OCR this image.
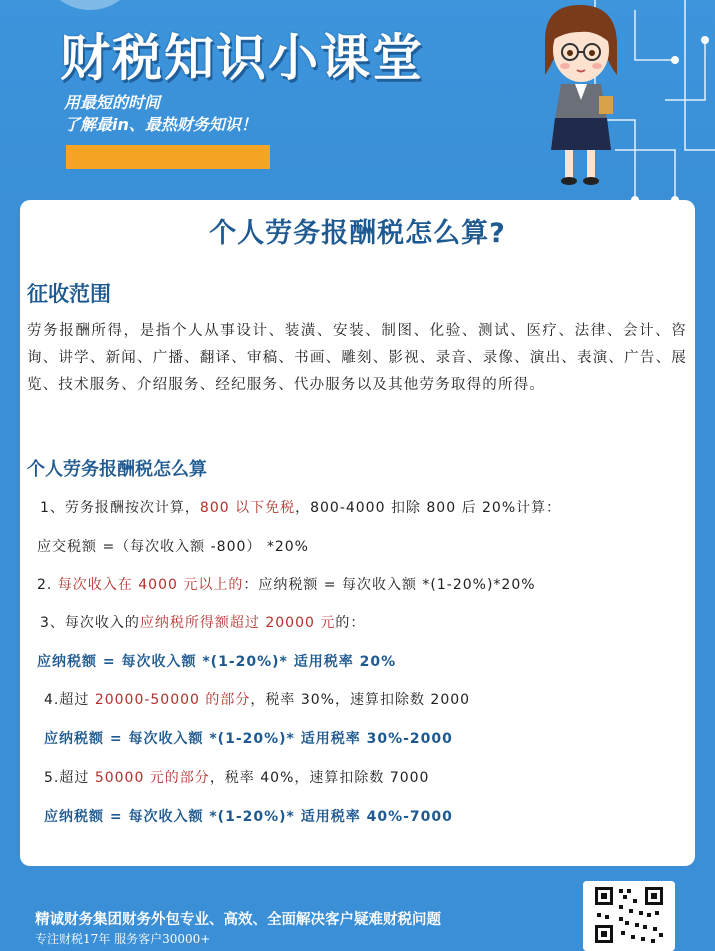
财税知识小课堂
用最短的时间
了解最in、最热财务知识！
个人劳务报酬税怎么算?
征收范围
劳务报酬所得，是指个人从事设计、装潢、安装、制图、化验、测试、医疗、法律、会计、咨询、讲学、新闻、广播、翻译、审稿、书画、雕刻、影视、录音、录像、演出、表演、广告、展览、技术服务、介绍服务、经纪服务、代办服务以及其他劳务取得的所得。
个人劳务报酬税怎么算
1、劳务报酬按次计算，800 以下免税，800-4000 扣除 800 后 20%计算：
应交税额 =（每次收入额 -800） *20%
2. 每次收入在 4000 元以上的：应纳税额 = 每次收入额 *(1-20%)*20%
3、每次收入的应纳税所得额超过 20000 元的：
应纳税额 = 每次收入额 *(1-20%)* 适用税率 20%
4.超过 20000-50000 的部分，税率 30%，速算扣除数 2000
应纳税额 = 每次收入额 *(1-20%)* 适用税率 30%-2000
5.超过 50000 元的部分，税率 40%，速算扣除数 7000
应纳税额 = 每次收入额 *(1-20%)* 适用税率 40%-7000
精诚财务集团财务外包专业、高效、全面解决客户疑难财税问题
专注财税17年 服务客户30000+
